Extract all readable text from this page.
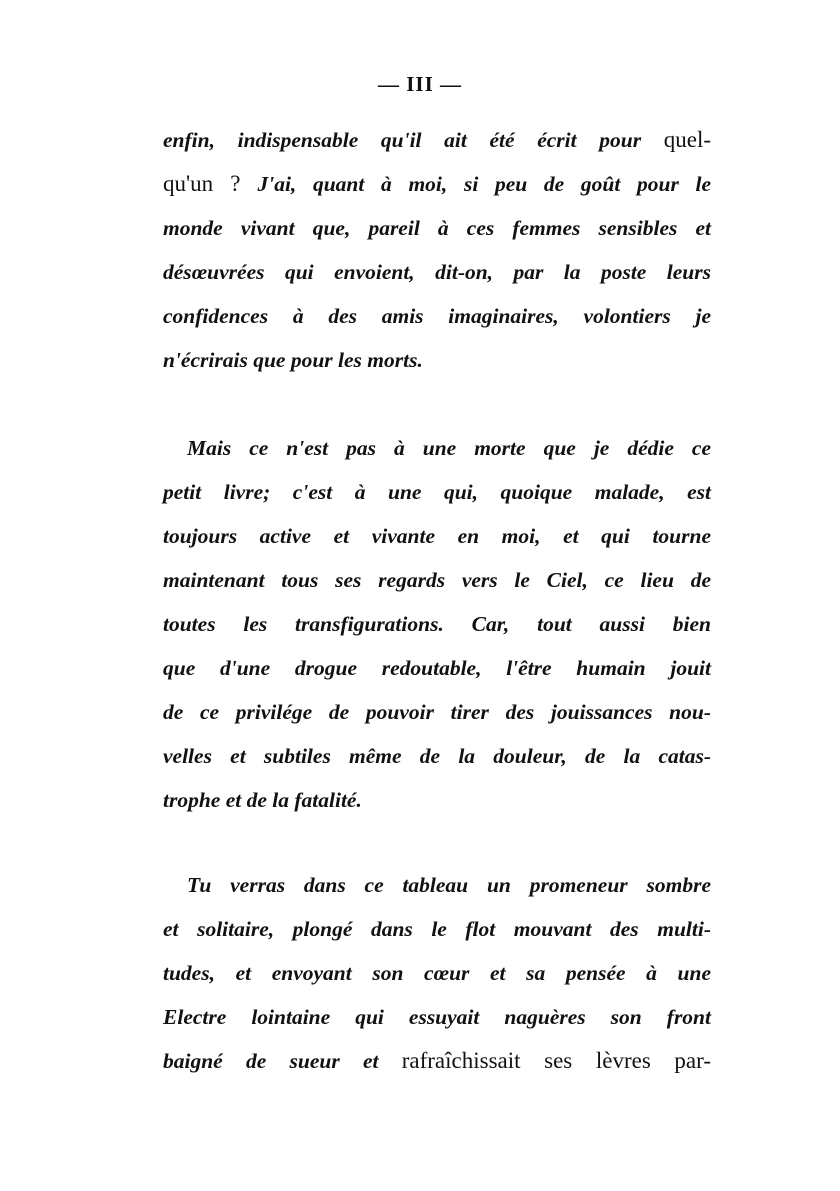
— III —
enfin, indispensable qu'il ait été écrit pour quel-
qu'un ? J'ai, quant à moi, si peu de goût pour le
monde vivant que, pareil à ces femmes sensibles et
désœuvrées qui envoient, dit-on, par la poste leurs
confidences à des amis imaginaires, volontiers je
n'écrirais que pour les morts.
Mais ce n'est pas à une morte que je dédie ce
petit livre; c'est à une qui, quoique malade, est
toujours active et vivante en moi, et qui tourne
maintenant tous ses regards vers le Ciel, ce lieu de
toutes les transfigurations. Car, tout aussi bien
que d'une drogue redoutable, l'être humain jouit
de ce privilége de pouvoir tirer des jouissances nou-
velles et subtiles même de la douleur, de la catas-
trophe et de la fatalité.
Tu verras dans ce tableau un promeneur sombre
et solitaire, plongé dans le flot mouvant des multi-
tudes, et envoyant son cœur et sa pensée à une
Electre lointaine qui essuyait naguères son front
baigné de sueur et rafraîchissait ses lèvres par-
